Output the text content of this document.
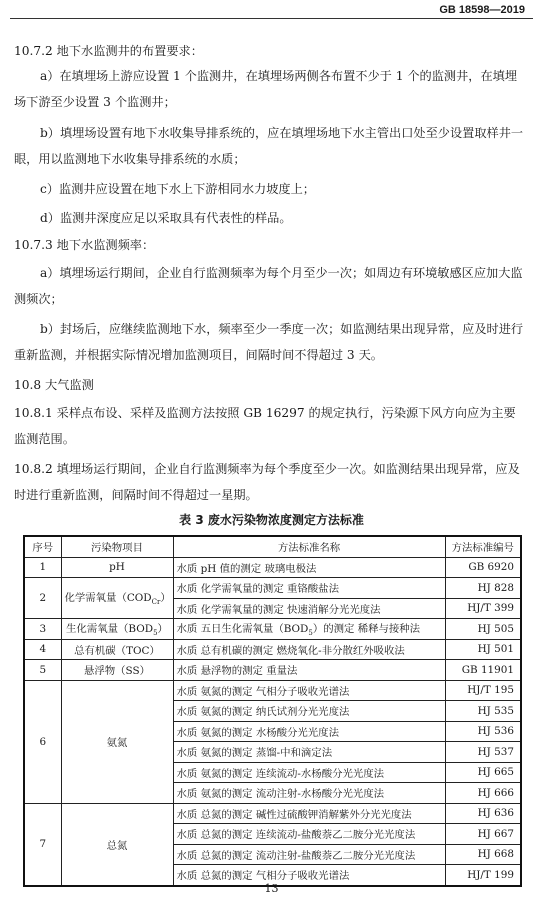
GB 18598—2019
10.7.2 地下水监测井的布置要求：
a）在填埋场上游应设置 1 个监测井，在填埋场两侧各布置不少于 1 个的监测井，在填埋场下游至少设置 3 个监测井；
b）填埋场设置有地下水收集导排系统的，应在填埋场地下水主管出口处至少设置取样井一眼，用以监测地下水收集导排系统的水质；
c）监测井应设置在地下水上下游相同水力坡度上；
d）监测井深度应足以采取具有代表性的样品。
10.7.3 地下水监测频率：
a）填埋场运行期间，企业自行监测频率为每个月至少一次；如周边有环境敏感区应加大监测频次；
b）封场后，应继续监测地下水，频率至少一季度一次；如监测结果出现异常，应及时进行重新监测，并根据实际情况增加监测项目，间隔时间不得超过 3 天。
10.8 大气监测
10.8.1 采样点布设、采样及监测方法按照 GB 16297 的规定执行，污染源下风方向应为主要监测范围。
10.8.2 填埋场运行期间，企业自行监测频率为每个季度至少一次。如监测结果出现异常，应及时进行重新监测，间隔时间不得超过一星期。
表 3 废水污染物浓度测定方法标准
序号	污染物项目	方法标准名称	方法标准编号
1	pH	水质 pH 值的测定 玻璃电极法	GB 6920
2	化学需氧量$(COD_{Cr})$	水质 化学需氧量的测定 重铬酸盐法	HJ 828
		水质 化学需氧量的测定 快速消解分光光度法	HJ/T 399
3	生化需氧量$(BOD_5)$	水质 五日生化需氧量$(BOD_5)$的测定 稀释与接种法	HJ 505
4	总有机碳（TOC）	水质 总有机碳的测定 燃烧氧化-非分散红外吸收法	HJ 501
5	悬浮物（SS）	水质 悬浮物的测定 重量法	GB 11901
6	氨氮	水质 氨氮的测定 气相分子吸收光谱法	HJ/T 195
		水质 氨氮的测定 纳氏试剂分光光度法	HJ 535
		水质 氨氮的测定 水杨酸分光光度法	HJ 536
		水质 氨氮的测定 蒸馏-中和滴定法	HJ 537
		水质 氨氮的测定 连续流动-水杨酸分光光度法	HJ 665
		水质 氨氮的测定 流动注射-水杨酸分光光度法	HJ 666
7	总氮	水质 总氮的测定 碱性过硫酸钾消解紫外分光光度法	HJ 636
		水质 总氮的测定 连续流动-盐酸萘乙二胺分光光度法	HJ 667
		水质 总氮的测定 流动注射-盐酸萘乙二胺分光光度法	HJ 668
		水质 总氮的测定 气相分子吸收光谱法	HJ/T 199
13
